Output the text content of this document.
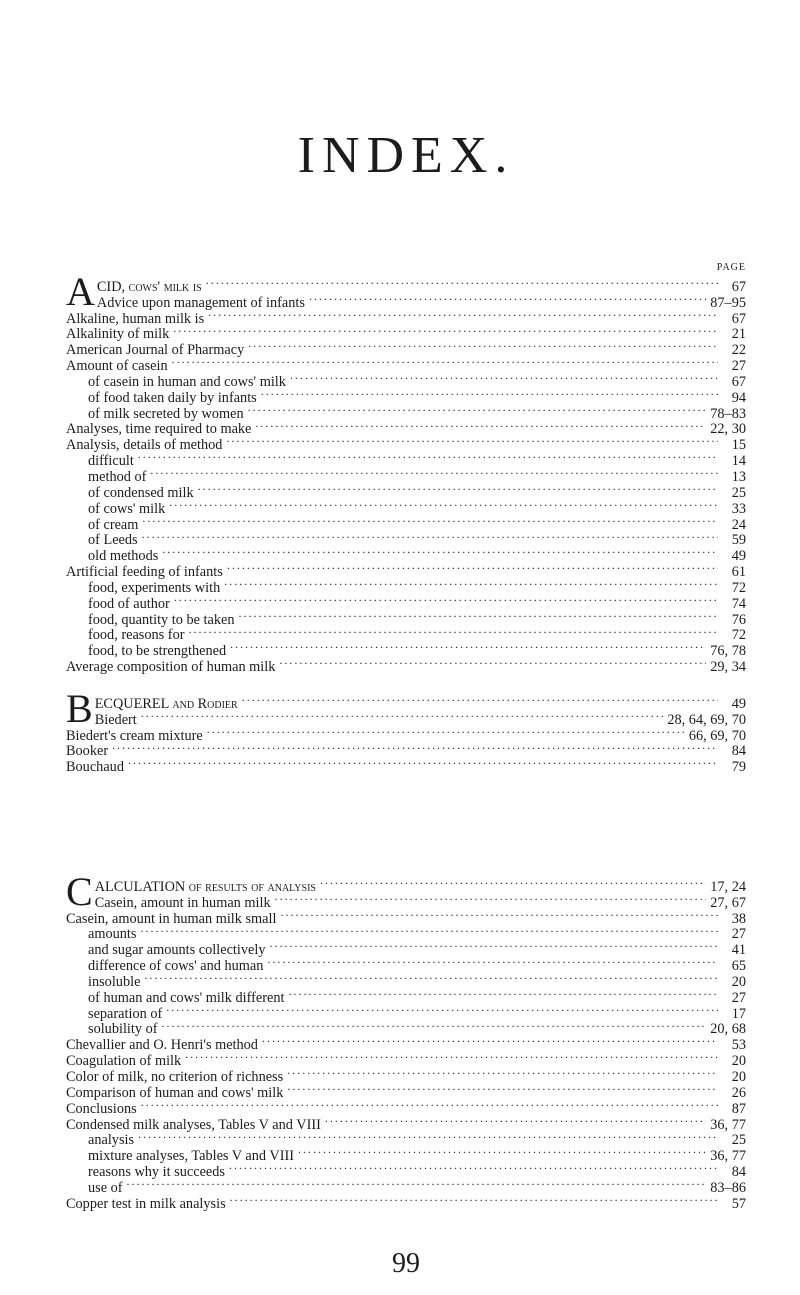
INDEX.
PAGE
A CID, cows' milk is .....	67
Advice upon management of infants .....	87–95
Alkaline, human milk is .....	67
Alkalinity of milk .....	21
American Journal of Pharmacy .....	22
Amount of casein .....	27
of casein in human and cows' milk .....	67
of food taken daily by infants .....	94
of milk secreted by women .....	78–83
Analyses, time required to make .....	22, 30
Analysis, details of method .....	15
difficult .....	14
method of .....	13
of condensed milk .....	25
of cows' milk .....	33
of cream .....	24
of Leeds .....	59
old methods .....	49
Artificial feeding of infants .....	61
food, experiments with .....	72
food of author .....	74
food, quantity to be taken .....	76
food, reasons for .....	72
food, to be strengthened .....	76, 78
Average composition of human milk .....	29, 34
B ECQUEREL and Rodier .....	49
Biedert .....	28, 64, 69, 70
Biedert's cream mixture .....	66, 69, 70
Booker .....	84
Bouchaud .....	79
C ALCULATION of results of analysis .....	17, 24
Casein, amount in human milk .....	27, 67
Casein, amount in human milk small .....	38
amounts .....	27
and sugar amounts collectively .....	41
difference of cows' and human .....	65
insoluble .....	20
of human and cows' milk different .....	27
separation of .....	17
solubility of .....	20, 68
Chevallier and O. Henri's method .....	53
Coagulation of milk .....	20
Color of milk, no criterion of richness .....	20
Comparison of human and cows' milk .....	26
Conclusions .....	87
Condensed milk analyses, Tables V and VIII .....	36, 77
analysis .....	25
mixture analyses, Tables V and VIII .....	36, 77
reasons why it succeeds .....	84
use of .....	83–86
Copper test in milk analysis .....	57
99
